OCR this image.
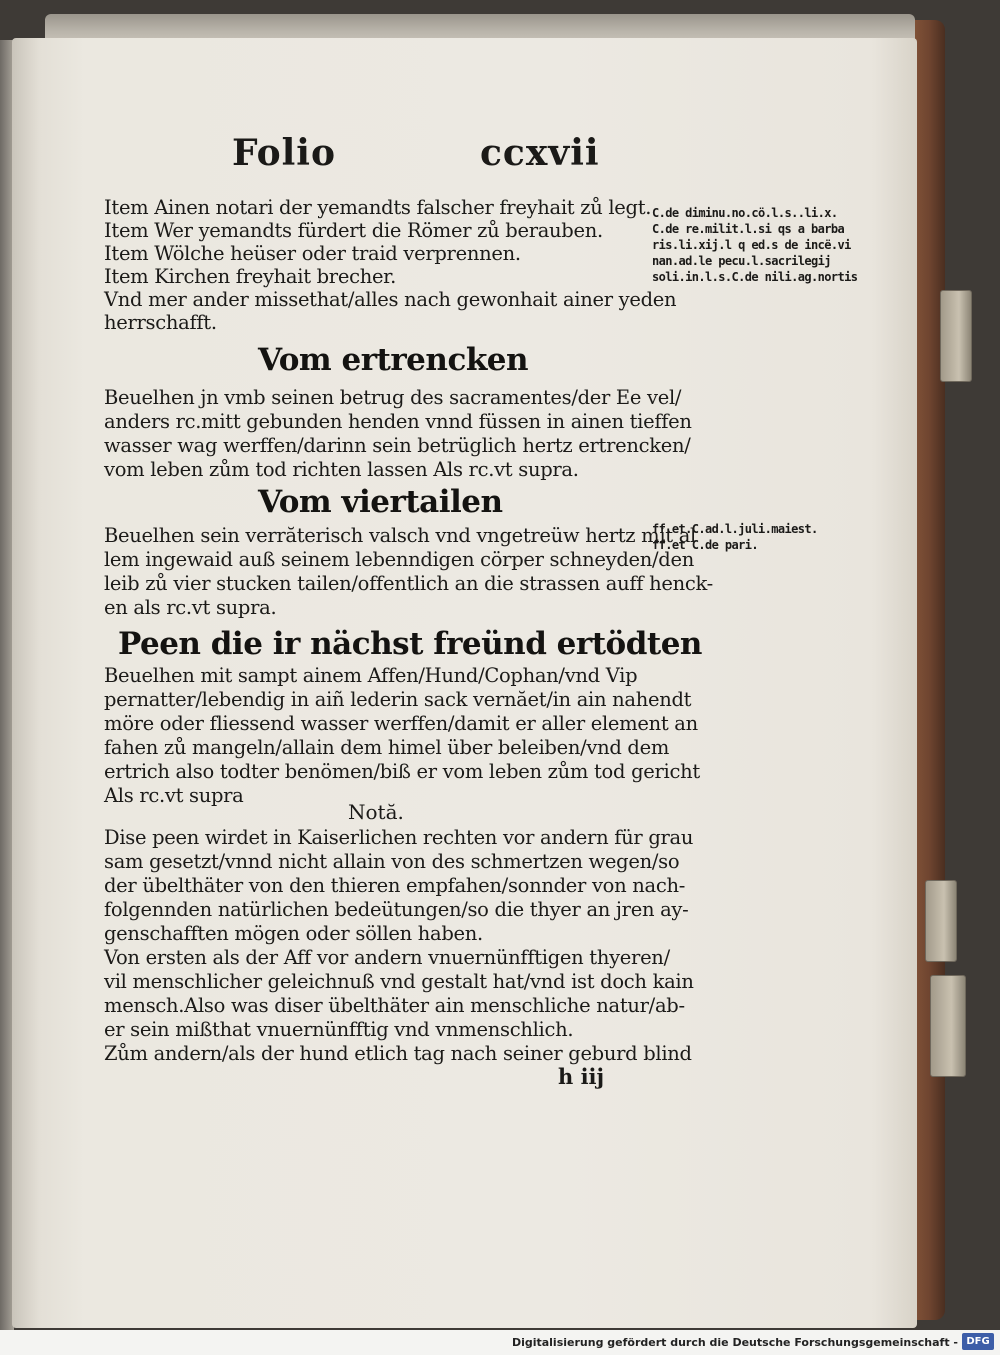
Folio	ccxvii
Item Ainen notari der yemandts falscher freyhait zů legt.
Item Wer yemandts fürdert die Römer zů berauben.
Item Wölche heüser oder traid verprennen.
Item Kirchen freyhait brecher.
Vnd mer ander missethat/alles nach gewonhait ainer yeden
herrschafft.
Vom ertrencken
Beuelhen jn vmb seinen betrug des sacramentes/der Ee vel/
anders rc.mitt gebunden henden vnnd füssen in ainen tieffen
wasser wag werffen/darinn sein betrüglich hertz ertrencken/
vom leben zům tod richten lassen Als rc.vt supra.
Vom viertailen
Beuelhen sein verrăterisch valsch vnd vngetreüw hertz mit al
lem ingewaid auß seinem lebenndigen cörper schneyden/den
leib zů vier stucken tailen/offentlich an die strassen auff henck-
en als rc.vt supra.
Peen die ir nächst freünd ertödten
Beuelhen mit sampt ainem Affen/Hund/Cophan/vnd Vip
pernatter/lebendig in aiñ lederin sack vernăet/in ain nahendt
möre oder fliessend wasser werffen/damit er aller element an
fahen zů mangeln/allain dem himel über beleiben/vnd dem
ertrich also todter benömen/biß er vom leben zům tod gericht
Als rc.vt supra
Notă.
Dise peen wirdet in Kaiserlichen rechten vor andern für grau
sam gesetzt/vnnd nicht allain von des schmertzen wegen/so
der übelthäter von den thieren empfahen/sonnder von nach-
folgennden natürlichen bedeütungen/so die thyer an jren ay-
genschafften mögen oder söllen haben.
Von ersten als der Aff vor andern vnuernünfftigen thyeren/
vil menschlicher geleichnuß vnd gestalt hat/vnd ist doch kain
mensch.Also was diser übelthäter ain menschliche natur/ab-
er sein mißthat vnuernünfftig vnd vnmenschlich.
Zům andern/als der hund etlich tag nach seiner geburd blind
h iij
C.de diminu.no.cö.l.s..li.x.
C.de re.milit.l.si qs a barba
ris.li.xij.l q ed.s de incë.vi
nan.ad.le pecu.l.sacrilegij
soli.in.l.s.C.de nili.ag.nortis
ff.et.C.ad.l.juli.maiest.
ff.et C.de pari.
Digitalisierung gefördert durch die Deutsche Forschungsgemeinschaft - DFG
